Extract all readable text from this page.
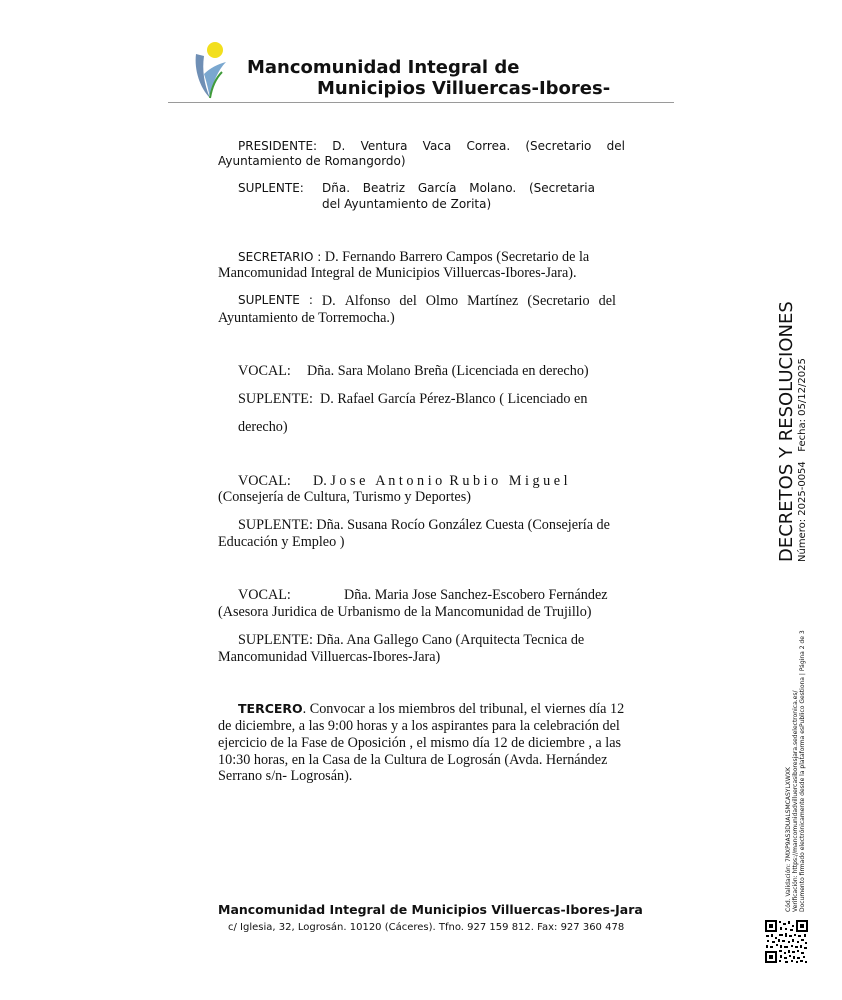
Mancomunidad Integral de
Municipios Villuercas-Ibores-
PRESIDENTE: D. Ventura Vaca Correa. (Secretario del
Ayuntamiento de Romangordo)
SUPLENTE: Dña. Beatriz García Molano. (Secretaria
del Ayuntamiento de Zorita)
SECRETARIO : D. Fernando Barrero Campos (Secretario de la
Mancomunidad Integral de Municipios Villuercas-Ibores-Jara).
SUPLENTE : D. Alfonso del Olmo Martínez (Secretario del
Ayuntamiento de Torremocha.)
VOCAL: Dña. Sara Molano Breña (Licenciada en derecho)
SUPLENTE:  D. Rafael García Pérez-Blanco ( Licenciado en
derecho)
VOCAL: D. J o s e   A n t o n i o  R u b i o   M i g u e l
(Consejería de Cultura, Turismo y Deportes)
SUPLENTE: Dña. Susana Rocío González Cuesta (Consejería de
Educación y Empleo )
VOCAL:	Dña. Maria Jose Sanchez-Escobero Fernández
(Asesora Juridica de Urbanismo de la Mancomunidad de Trujillo)
SUPLENTE: Dña. Ana Gallego Cano (Arquitecta Tecnica de
Mancomunidad Villuercas-Ibores-Jara)
TERCERO. Convocar a los miembros del tribunal, el viernes día 12
de diciembre, a las 9:00 horas y a los aspirantes para la celebración del
ejercicio de la Fase de Oposición , el mismo día 12 de diciembre , a las
10:30 horas, en la Casa de la Cultura de Logrosán (Avda. Hernández
Serrano s/n- Logrosán).
Mancomunidad Integral de Municipios Villuercas-Ibores-Jara
c/ Iglesia, 32, Logrosán. 10120 (Cáceres). Tfno. 927 159 812. Fax: 927 360 478
DECRETOS Y RESOLUCIONES Número: 2025-0054   Fecha: 05/12/2025
Cód. Validación: 7MXP9AS3DUALSMCASYLXWXK Verificación: https://mancomunidadvilluercasiboresjara.sedelectronica.es/ Documento firmado electrónicamente desde la plataforma esPublico Gestiona | Página 2 de 3
